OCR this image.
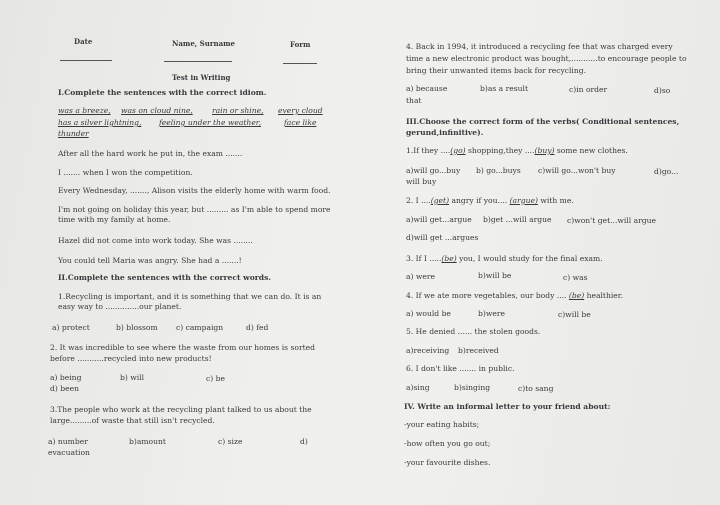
Date	Name, Surname	Form
Test in Writing
I.Complete the sentences with the correct idiom.
was a breeze, was on cloud nine,	rain or shine, every cloud
has a silver lightning, feeling under the weather,	face like
thunder
After all the hard work he put in, the exam .......
I ....... when I won the competition.
Every Wednesday, ......., Alison visits the elderly home with warm food.
I'm not going on holiday this year, but ......... as I'm able to spend more
time with my family at home.
Hazel did not come into work today. She was ........
You could tell Maria was angry. She had a .......!
II.Complete the sentences with the correct words.
1.Recycling is important, and it is something that we can do. It is an
easy way to ..............our planet.
a) protect	b) blossom c) campaign	d) fed
2. It was incredible to see where the waste from our homes is sorted
before ...........recycled into new products!
a) being	b) will	c) be
d) been
3.The people who work at the recycling plant talked to us about the
large.........of waste that still isn't recycled.
a) number	b)amount	c) size	d)
evacuation
4. Back in 1994, it introduced a recycling fee that was charged every
time a new electronic product was bought,...........to encourage people to
bring their unwanted items back for recycling.
a) because	b)as a result	c)in order	d)so
that
III.Choose the correct form of the verbs( Conditional sentences,
gerund,infinitive).
1.If they ....(go) shopping,they ....(buy) some new clothes.
a)will go...buy b) go...buys c)will go...won't buy	d)go...
will buy
2. I ....(get) angry if you.... (argue) with me.
a)will get...argue b)get ...will argue c)won't get...will argue
d)will get ...argues
3. If I .....(be) you, I would study for the final exam.
a) were	b)will be	c) was
4. If we ate more vegetables, our body .... (be) healthier.
a) would be	b)were	c)will be
5. He denied ...... the stolen goods.
a)receiving b)received
6. I don't like ....... in public.
a)sing	b)singing	c)to sang
IV. Write an informal letter to your friend about:
-your eating habits;
-how often you go out;
-your favourite dishes.
